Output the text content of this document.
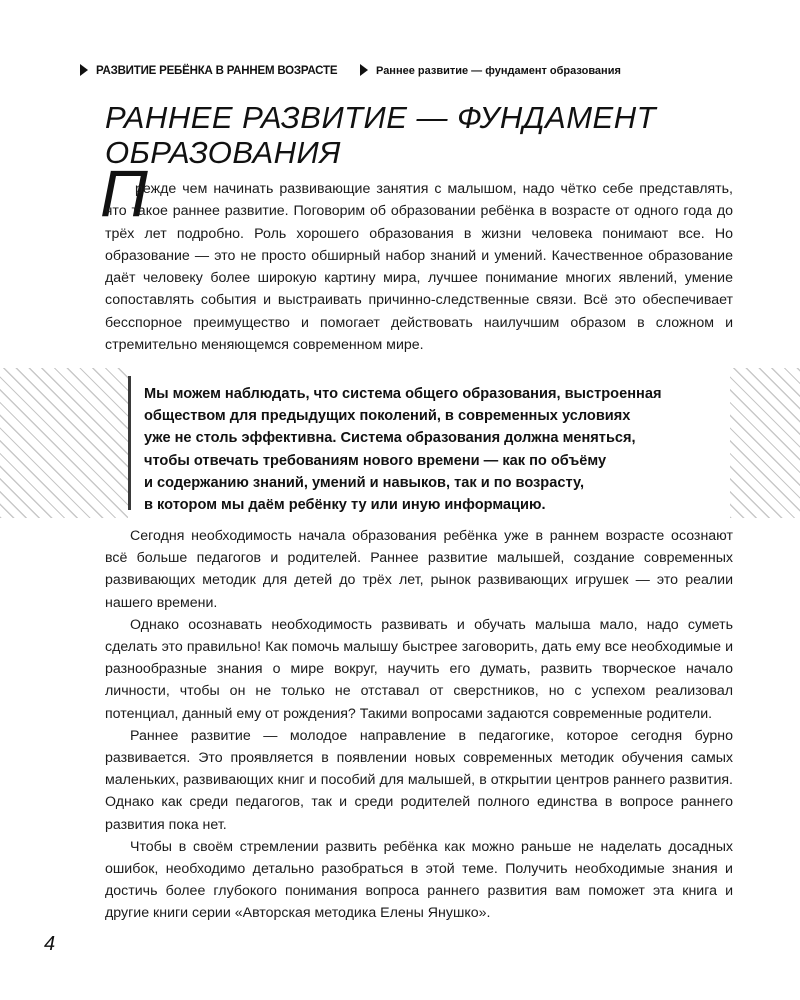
РАЗВИТИЕ РЕБЁНКА В РАННЕМ ВОЗРАСТЕ	Раннее развитие — фундамент образования
РАННЕЕ РАЗВИТИЕ — ФУНДАМЕНТ
ОБРАЗОВАНИЯ
П

режде чем начинать развивающие занятия с малышом, надо чётко себе представлять, что такое раннее развитие. Поговорим об образовании ребёнка в возрасте от одного года до трёх лет подробно. Роль хорошего образования в жизни человека понимают все. Но образование — это не просто обширный набор знаний и умений. Качественное образование даёт человеку более широкую картину мира, лучшее понимание многих явлений, умение сопоставлять события и выстраивать причинно-следственные связи. Всё это обеспечивает бесспорное преимущество и помогает действовать наилучшим образом в сложном и стремительно меняющемся современном мире.

Мы можем наблюдать, что система общего образования, выстроенная
обществом для предыдущих поколений, в современных условиях
уже не столь эффективна. Система образования должна меняться,
чтобы отвечать требованиям нового времени — как по объёму
и содержанию знаний, умений и навыков, так и по возрасту,
в котором мы даём ребёнку ту или иную информацию.

Сегодня необходимость начала образования ребёнка уже в раннем возрасте осознают всё больше педагогов и родителей. Раннее развитие малышей, создание современных развивающих методик для детей до трёх лет, рынок развивающих игрушек — это реалии нашего времени.

Однако осознавать необходимость развивать и обучать малыша мало, надо суметь сделать это правильно! Как помочь малышу быстрее заговорить, дать ему все необходимые и разнообразные знания о мире вокруг, научить его думать, развить творческое начало личности, чтобы он не только не отставал от сверстников, но с успехом реализовал потенциал, данный ему от рождения? Такими вопросами задаются современные родители.

Раннее развитие — молодое направление в педагогике, которое сегодня бурно развивается. Это проявляется в появлении новых современных методик обучения самых маленьких, развивающих книг и пособий для малышей, в открытии центров раннего развития. Однако как среди педагогов, так и среди родителей полного единства в вопросе раннего развития пока нет.

Чтобы в своём стремлении развить ребёнка как можно раньше не наделать досадных ошибок, необходимо детально разобраться в этой теме. Получить необходимые знания и достичь более глубокого понимания вопроса раннего развития вам поможет эта книга и другие книги серии «Авторская методика Елены Янушко».

4
